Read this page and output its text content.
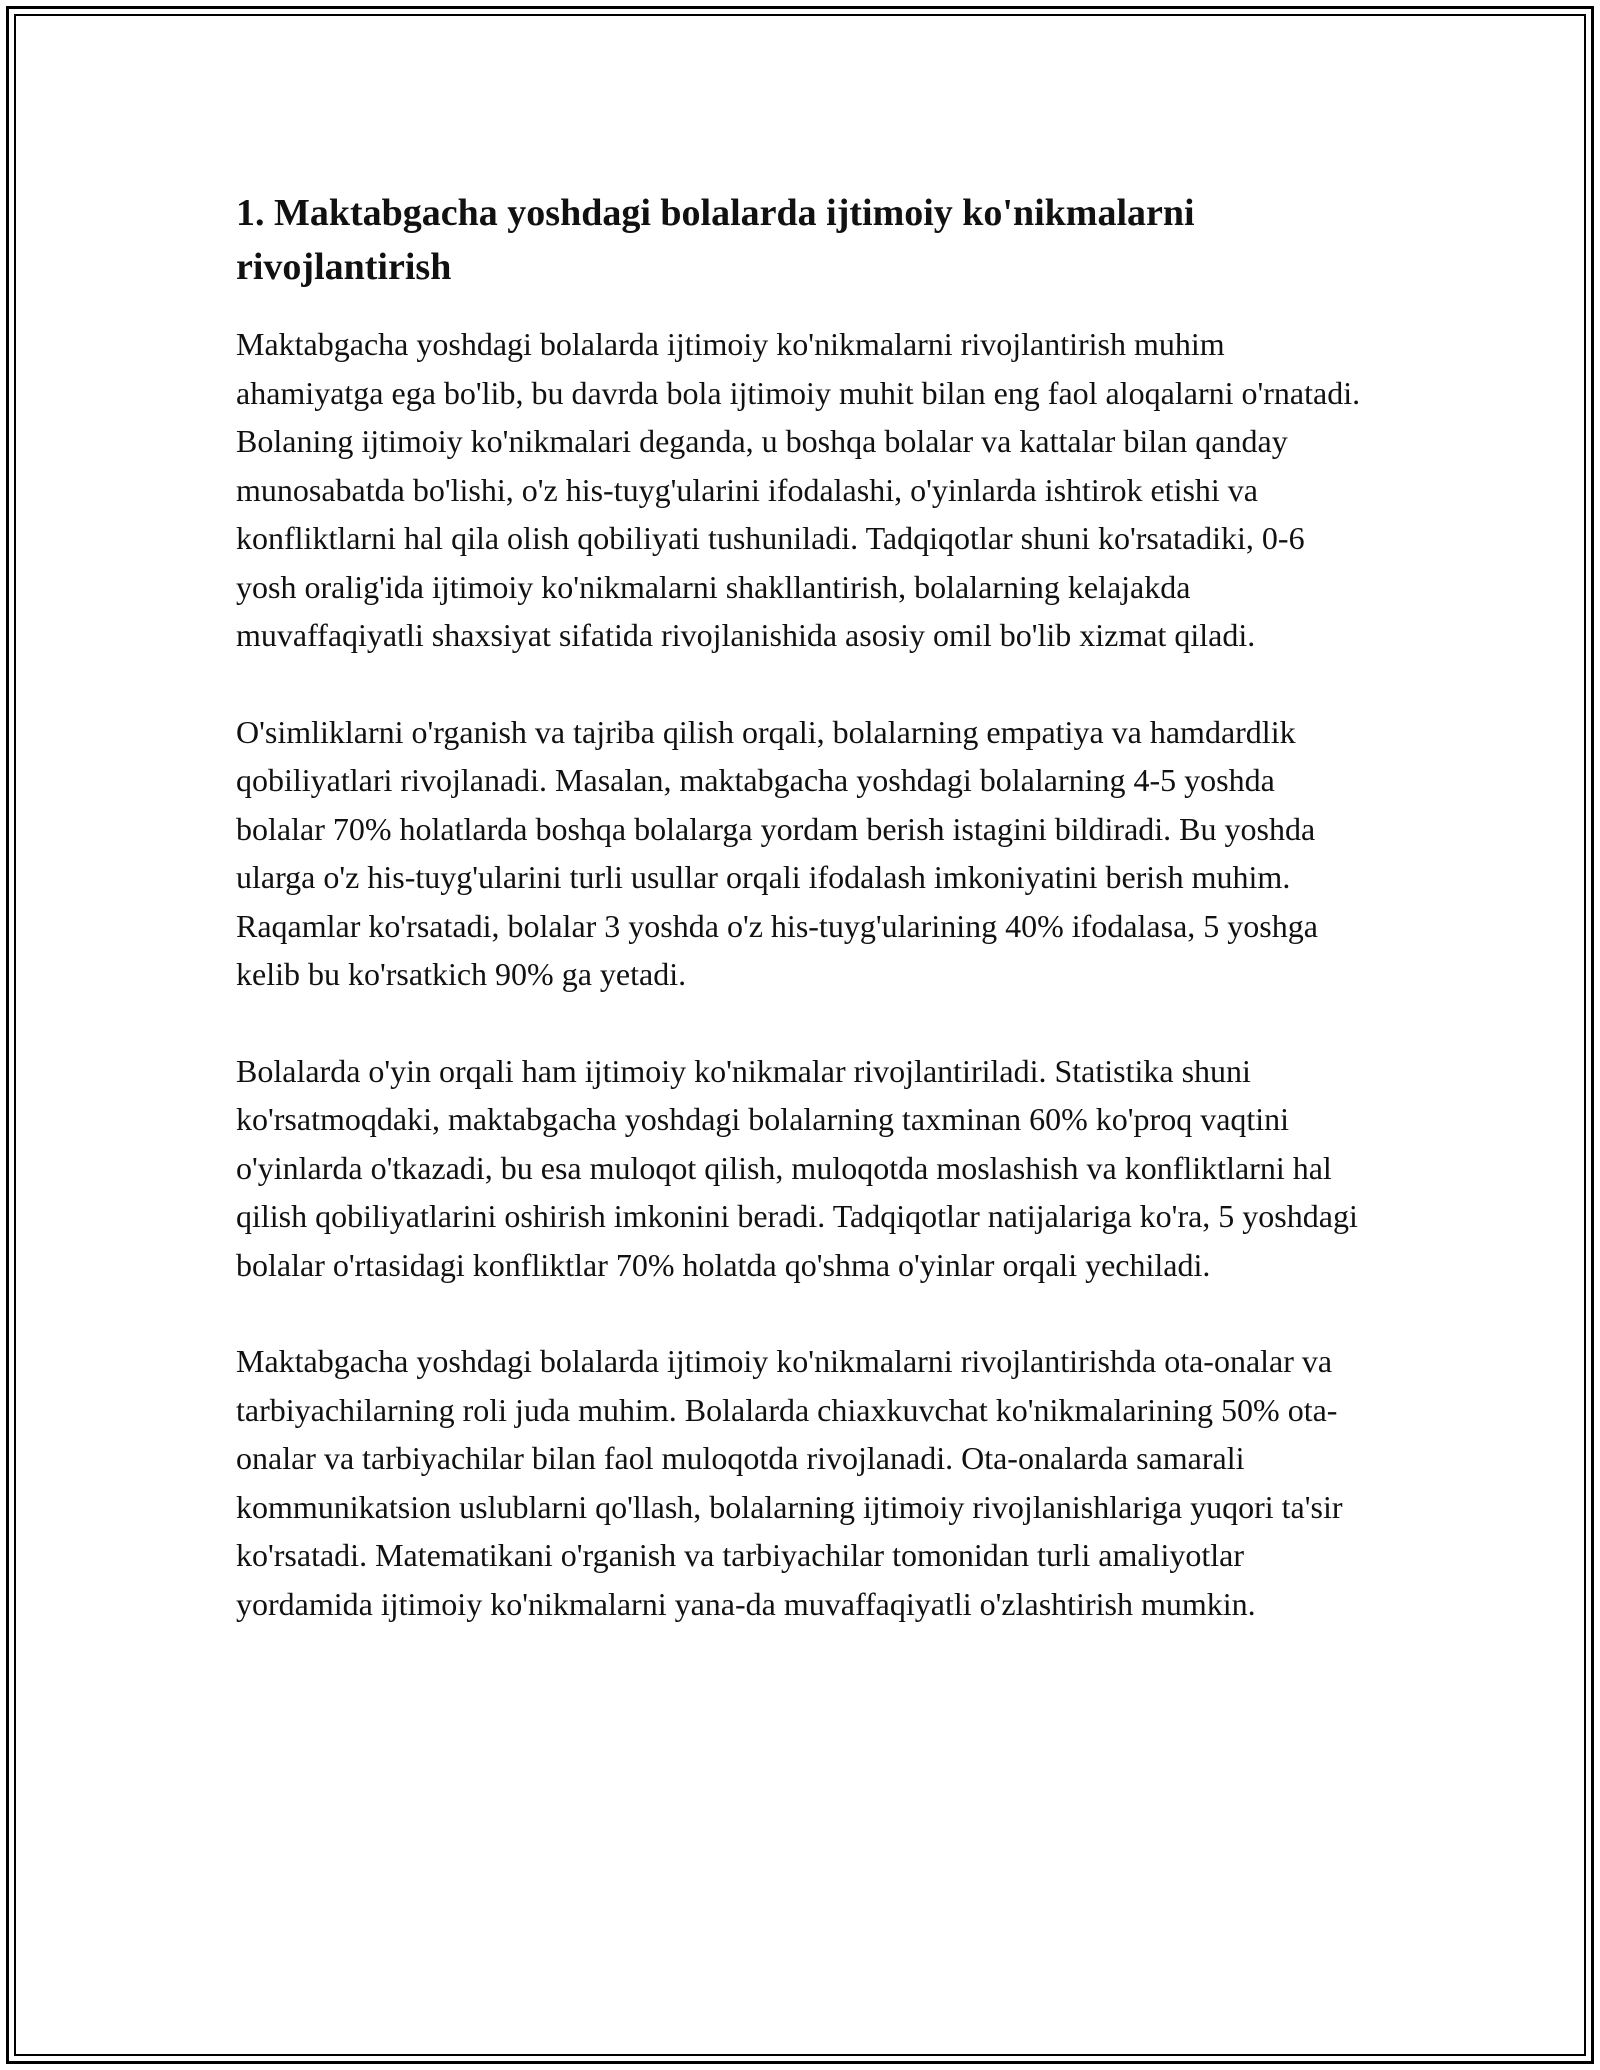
1. Maktabgacha yoshdagi bolalarda ijtimoiy ko'nikmalarni rivojlantirish

Maktabgacha yoshdagi bolalarda ijtimoiy ko'nikmalarni rivojlantirish muhim ahamiyatga ega bo'lib, bu davrda bola ijtimoiy muhit bilan eng faol aloqalarni o'rnatadi. Bolaning ijtimoiy ko'nikmalari deganda, u boshqa bolalar va kattalar bilan qanday munosabatda bo'lishi, o'z his-tuyg'ularini ifodalashi, o'yinlarda ishtirok etishi va konfliktlarni hal qila olish qobiliyati tushuniladi. Tadqiqotlar shuni ko'rsatadiki, 0-6 yosh oralig'ida ijtimoiy ko'nikmalarni shakllantirish, bolalarning kelajakda muvaffaqiyatli shaxsiyat sifatida rivojlanishida asosiy omil bo'lib xizmat qiladi.

O'simliklarni o'rganish va tajriba qilish orqali, bolalarning empatiya va hamdardlik qobiliyatlari rivojlanadi. Masalan, maktabgacha yoshdagi bolalarning 4-5 yoshda bolalar 70% holatlarda boshqa bolalarga yordam berish istagini bildiradi. Bu yoshda ularga o'z his-tuyg'ularini turli usullar orqali ifodalash imkoniyatini berish muhim. Raqamlar ko'rsatadi, bolalar 3 yoshda o'z his-tuyg'ularining 40% ifodalasa, 5 yoshga kelib bu ko'rsatkich 90% ga yetadi.

Bolalarda o'yin orqali ham ijtimoiy ko'nikmalar rivojlantiriladi. Statistika shuni ko'rsatmoqdaki, maktabgacha yoshdagi bolalarning taxminan 60% ko'proq vaqtini o'yinlarda o'tkazadi, bu esa muloqot qilish, muloqotda moslashish va konfliktlarni hal qilish qobiliyatlarini oshirish imkonini beradi. Tadqiqotlar natijalariga ko'ra, 5 yoshdagi bolalar o'rtasidagi konfliktlar 70% holatda qo'shma o'yinlar orqali yechiladi.

Maktabgacha yoshdagi bolalarda ijtimoiy ko'nikmalarni rivojlantirishda ota-onalar va tarbiyachilarning roli juda muhim. Bolalarda chiaxkuvchat ko'nikmalarining 50% ota-onalar va tarbiyachilar bilan faol muloqotda rivojlanadi. Ota-onalarda samarali kommunikatsion uslublarni qo'llash, bolalarning ijtimoiy rivojlanishlariga yuqori ta'sir ko'rsatadi. Matematikani o'rganish va tarbiyachilar tomonidan turli amaliyotlar yordamida ijtimoiy ko'nikmalarni yana-da muvaffaqiyatli o'zlashtirish mumkin.
